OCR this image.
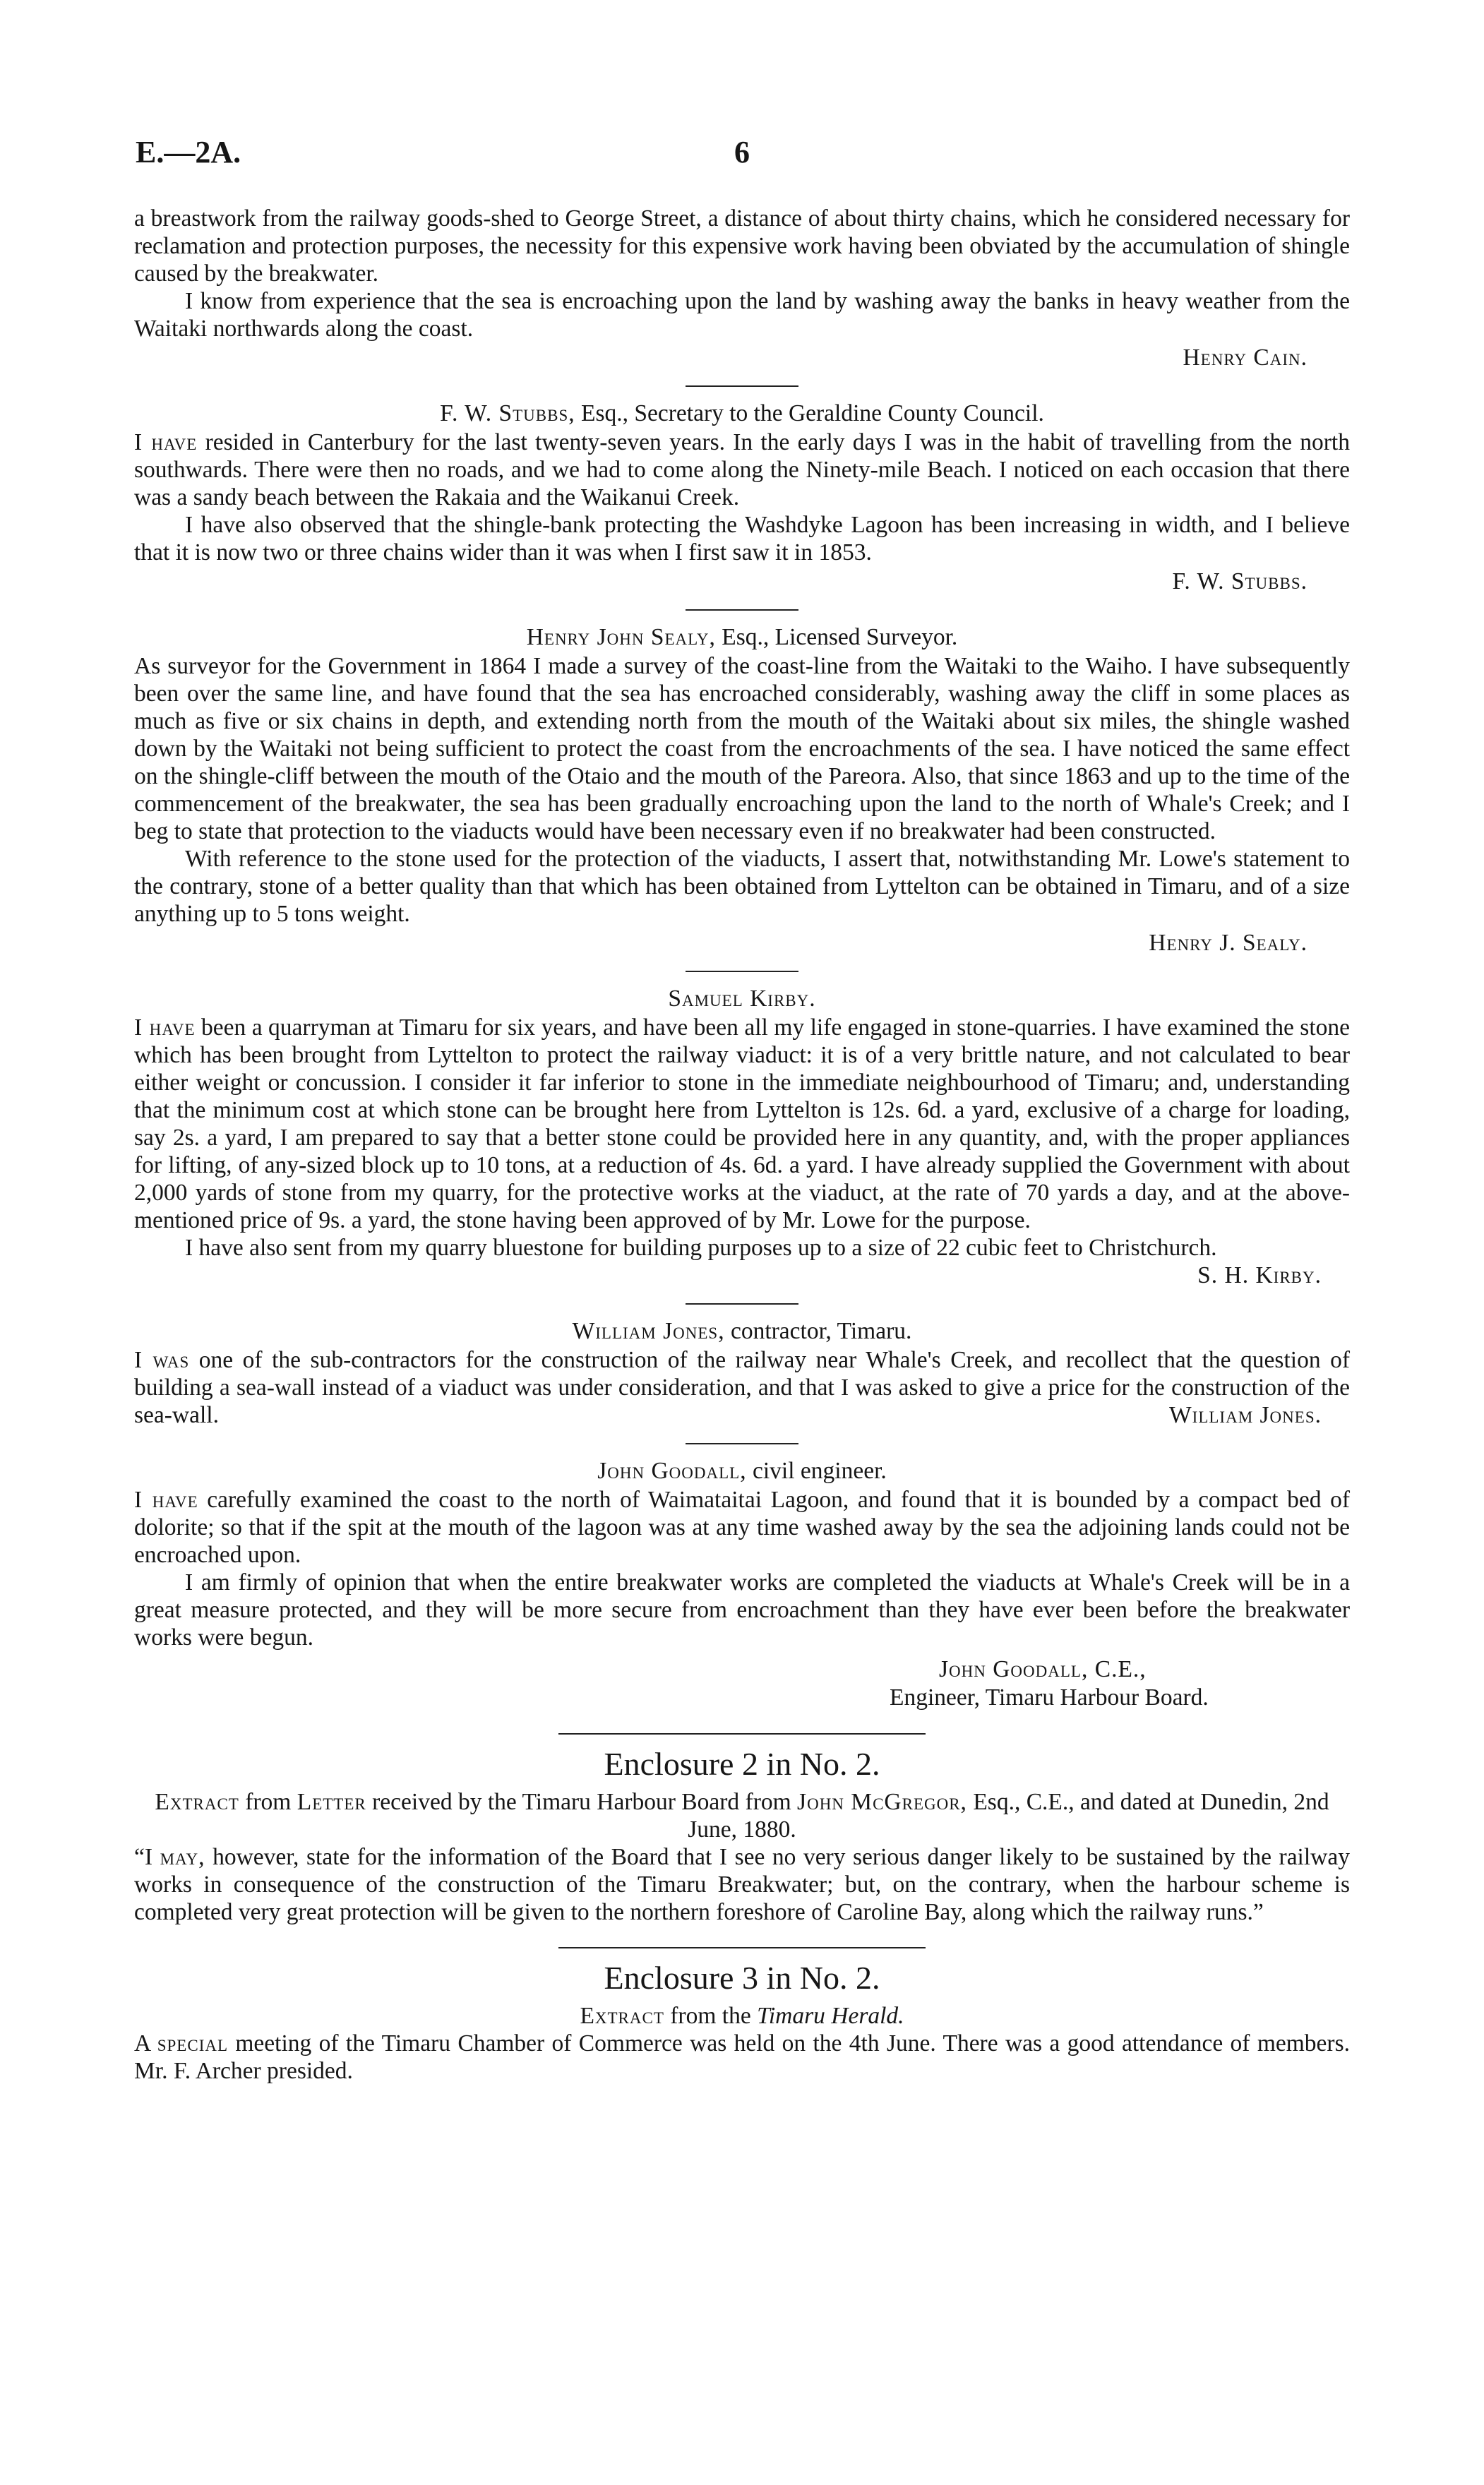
E.—2A.	6

a breastwork from the railway goods-shed to George Street, a distance of about thirty chains, which he considered necessary for reclamation and protection purposes, the necessity for this expensive work having been obviated by the accumulation of shingle caused by the breakwater.

I know from experience that the sea is encroaching upon the land by washing away the banks in heavy weather from the Waitaki northwards along the coast.

Henry Cain.

F. W. Stubbs, Esq., Secretary to the Geraldine County Council.

I have resided in Canterbury for the last twenty-seven years. In the early days I was in the habit of travelling from the north southwards. There were then no roads, and we had to come along the Ninety-mile Beach. I noticed on each occasion that there was a sandy beach between the Rakaia and the Waikanui Creek.

I have also observed that the shingle-bank protecting the Washdyke Lagoon has been increasing in width, and I believe that it is now two or three chains wider than it was when I first saw it in 1853.

F. W. Stubbs.

Henry John Sealy, Esq., Licensed Surveyor.

As surveyor for the Government in 1864 I made a survey of the coast-line from the Waitaki to the Waiho. I have subsequently been over the same line, and have found that the sea has encroached considerably, washing away the cliff in some places as much as five or six chains in depth, and extending north from the mouth of the Waitaki about six miles, the shingle washed down by the Waitaki not being sufficient to protect the coast from the encroachments of the sea. I have noticed the same effect on the shingle-cliff between the mouth of the Otaio and the mouth of the Pareora. Also, that since 1863 and up to the time of the commencement of the breakwater, the sea has been gradually encroaching upon the land to the north of Whale's Creek; and I beg to state that protection to the viaducts would have been necessary even if no breakwater had been constructed.

With reference to the stone used for the protection of the viaducts, I assert that, notwithstanding Mr. Lowe's statement to the contrary, stone of a better quality than that which has been obtained from Lyttelton can be obtained in Timaru, and of a size anything up to 5 tons weight.

Henry J. Sealy.

Samuel Kirby.

I have been a quarryman at Timaru for six years, and have been all my life engaged in stone-quarries. I have examined the stone which has been brought from Lyttelton to protect the railway viaduct: it is of a very brittle nature, and not calculated to bear either weight or concussion. I consider it far inferior to stone in the immediate neighbourhood of Timaru; and, understanding that the minimum cost at which stone can be brought here from Lyttelton is 12s. 6d. a yard, exclusive of a charge for loading, say 2s. a yard, I am prepared to say that a better stone could be provided here in any quantity, and, with the proper appliances for lifting, of any-sized block up to 10 tons, at a reduction of 4s. 6d. a yard. I have already supplied the Government with about 2,000 yards of stone from my quarry, for the protective works at the viaduct, at the rate of 70 yards a day, and at the above-mentioned price of 9s. a yard, the stone having been approved of by Mr. Lowe for the purpose.

I have also sent from my quarry bluestone for building purposes up to a size of 22 cubic feet to Christchurch.
S. H. Kirby.

William Jones, contractor, Timaru.

I was one of the sub-contractors for the construction of the railway near Whale's Creek, and recollect that the question of building a sea-wall instead of a viaduct was under consideration, and that I was asked to give a price for the construction of the sea-wall.	William Jones.

John Goodall, civil engineer.

I have carefully examined the coast to the north of Waimataitai Lagoon, and found that it is bounded by a compact bed of dolorite; so that if the spit at the mouth of the lagoon was at any time washed away by the sea the adjoining lands could not be encroached upon.

I am firmly of opinion that when the entire breakwater works are completed the viaducts at Whale's Creek will be in a great measure protected, and they will be more secure from encroachment than they have ever been before the breakwater works were begun.

John Goodall, C.E.,
Engineer, Timaru Harbour Board.
Enclosure 2 in No. 2.

Extract from Letter received by the Timaru Harbour Board from John McGregor, Esq., C.E., and dated at Dunedin, 2nd June, 1880.

“I may, however, state for the information of the Board that I see no very serious danger likely to be sustained by the railway works in consequence of the construction of the Timaru Breakwater; but, on the contrary, when the harbour scheme is completed very great protection will be given to the northern foreshore of Caroline Bay, along which the railway runs.”

Enclosure 3 in No. 2.

Extract from the Timaru Herald.

A special meeting of the Timaru Chamber of Commerce was held on the 4th June. There was a good attendance of members. Mr. F. Archer presided.
